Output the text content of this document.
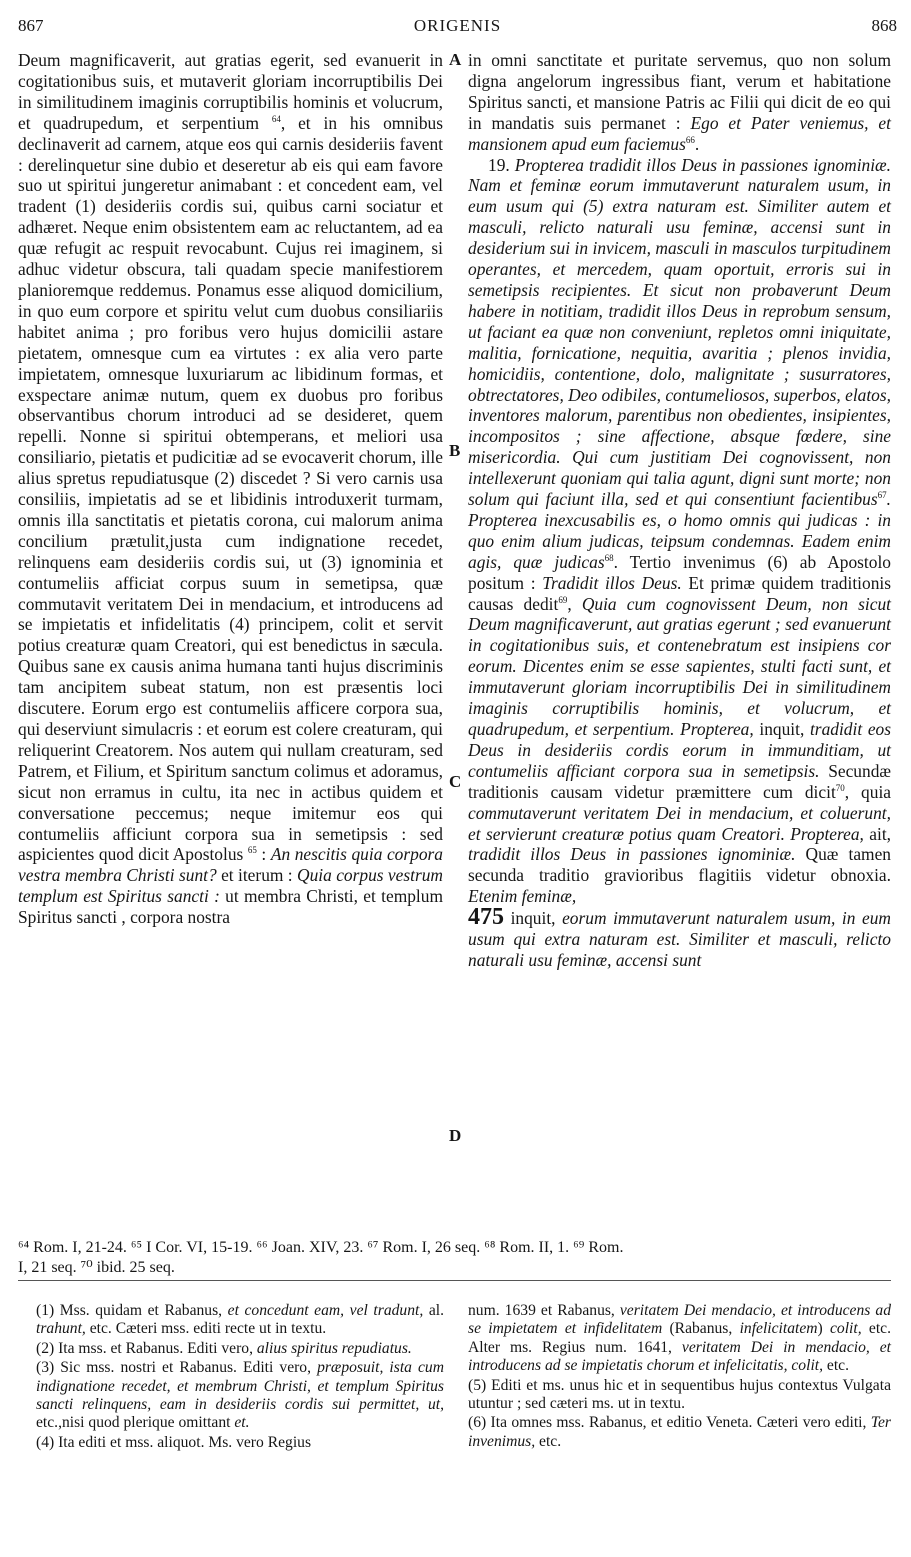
867	ORIGENIS	868
A
B
C
D

Deum magnificaverit, aut gratias egerit, sed evanuerit in cogitationibus suis, et mutaverit gloriam incorruptibilis Dei in similitudinem imaginis corruptibilis hominis et volucrum, et quadrupedum, et serpentium $^{64}$, et in his omnibus declinaverit ad carnem, atque eos qui carnis desideriis favent : derelinquetur sine dubio et deseretur ab eis qui eam favore suo ut spiritui jungeretur animabant : et concedent eam, vel tradent (1) desideriis cordis sui, quibus carni sociatur et adhæret. Neque enim obsistentem eam ac reluctantem, ad ea quæ refugit ac respuit revocabunt. Cujus rei imaginem, si adhuc videtur obscura, tali quadam specie manifestiorem planioremque reddemus. Ponamus esse aliquod domicilium, in quo eum corpore et spiritu velut cum duobus consiliariis habitet anima ; pro foribus vero hujus domicilii astare pietatem, omnesque cum ea virtutes : ex alia vero parte impietatem, omnesque luxuriarum ac libidinum formas, et exspectare animæ nutum, quem ex duobus pro foribus observantibus chorum introduci ad se desideret, quem repelli. Nonne si spiritui obtemperans, et meliori usa consiliario, pietatis et pudicitiæ ad se evocaverit chorum, ille alius spretus repudiatusque (2) discedet ? Si vero carnis usa consiliis, impietatis ad se et libidinis introduxerit turmam, omnis illa sanctitatis et pietatis corona, cui malorum anima concilium prætulit,justa cum indignatione recedet, relinquens eam desideriis cordis sui, ut (3) ignominia et contumeliis afficiat corpus suum in semetipsa, quæ commutavit veritatem Dei in mendacium, et introducens ad se impietatis et infidelitatis (4) principem, colit et servit potius creaturæ quam Creatori, qui est benedictus in sæcula. Quibus sane ex causis anima humana tanti hujus discriminis tam ancipitem subeat statum, non est præsentis loci discutere. Eorum ergo est contumeliis afficere corpora sua, qui deserviunt simulacris : et eorum est colere creaturam, qui reliquerint Creatorem. Nos autem qui nullam creaturam, sed Patrem, et Filium, et Spiritum sanctum colimus et adoramus, sicut non erramus in cultu, ita nec in actibus quidem et conversatione peccemus; neque imitemur eos qui contumeliis afficiunt corpora sua in semetipsis : sed aspicientes quod dicit Apostolus $^{65}$ : An nescitis quia corpora vestra membra Christi sunt? et iterum : Quia corpus vestrum templum est Spiritus sancti : ut membra Christi, et templum Spiritus sancti , corpora nostra

in omni sanctitate et puritate servemus, quo non solum digna angelorum ingressibus fiant, verum et habitatione Spiritus sancti, et mansione Patris ac Filii qui dicit de eo qui in mandatis suis permanet : Ego et Pater veniemus, et mansionem apud eum faciemus$^{66}$.

19. Propterea tradidit illos Deus in passiones ignominiæ. Nam et feminæ eorum immutaverunt naturalem usum, in eum usum qui (5) extra naturam est. Similiter autem et masculi, relicto naturali usu feminæ, accensi sunt in desiderium sui in invicem, masculi in masculos turpitudinem operantes, et mercedem, quam oportuit, erroris sui in semetipsis recipientes. Et sicut non probaverunt Deum habere in notitiam, tradidit illos Deus in reprobum sensum, ut faciant ea quæ non conveniunt, repletos omni iniquitate, malitia, fornicatione, nequitia, avaritia ; plenos invidia, homicidiis, contentione, dolo, malignitate ; susurratores, obtrectatores, Deo odibiles, contumeliosos, superbos, elatos, inventores malorum, parentibus non obedientes, insipientes, incompositos ; sine affectione, absque fœdere, sine misericordia. Qui cum justitiam Dei cognovissent, non intellexerunt quoniam qui talia agunt, digni sunt morte; non solum qui faciunt illa, sed et qui consentiunt facientibus$^{67}$. Propterea inexcusabilis es, o homo omnis qui judicas : in quo enim alium judicas, teipsum condemnas. Eadem enim agis, quæ judicas$^{68}$. Tertio invenimus (6) ab Apostolo positum : Tradidit illos Deus. Et primæ quidem traditionis causas dedit$^{69}$, Quia cum cognovissent Deum, non sicut Deum magnificaverunt, aut gratias egerunt ; sed evanuerunt in cogitationibus suis, et contenebratum est insipiens cor eorum. Dicentes enim se esse sapientes, stulti facti sunt, et immutaverunt gloriam incorruptibilis Dei in similitudinem imaginis corruptibilis hominis, et volucrum, et quadrupedum, et serpentium. Propterea, inquit, tradidit eos Deus in desideriis cordis eorum in immunditiam, ut contumeliis afficiant corpora sua in semetipsis. Secundæ traditionis causam videtur præmittere cum dicit$^{70}$, quia commutaverunt veritatem Dei in mendacium, et coluerunt, et servierunt creaturæ potius quam Creatori. Propterea, ait, tradidit illos Deus in passiones ignominiæ. Quæ tamen secunda traditio gravioribus flagitiis videtur obnoxia. Etenim feminæ,
475 inquit, eorum immutaverunt naturalem usum, in eum usum qui extra naturam est. Similiter et masculi, relicto naturali usu feminæ, accensi sunt

⁶⁴ Rom. I, 21-24. ⁶⁵ I Cor. VI, 15-19. ⁶⁶ Joan. XIV, 23. ⁶⁷ Rom. I, 26 seq. ⁶⁸ Rom. II, 1. ⁶⁹ Rom.
I, 21 seq. ⁷⁰ ibid. 25 seq.

(1) Mss. quidam et Rabanus, et concedunt eam, vel tradunt, al. trahunt, etc. Cæteri mss. editi recte ut in textu.

(2) Ita mss. et Rabanus. Editi vero, alius spiritus repudiatus.

(3) Sic mss. nostri et Rabanus. Editi vero, præposuit, ista cum indignatione recedet, et membrum Christi, et templum Spiritus sancti relinquens, eam in desideriis cordis sui permittet, ut, etc.,nisi quod plerique omittant et.

(4) Ita editi et mss. aliquot. Ms. vero Regius

num. 1639 et Rabanus, veritatem Dei mendacio, et introducens ad se impietatem et infidelitatem (Rabanus, infelicitatem) colit, etc. Alter ms. Regius num. 1641, veritatem Dei in mendacio, et introducens ad se impietatis chorum et infelicitatis, colit, etc.

(5) Editi et ms. unus hic et in sequentibus hujus contextus Vulgata utuntur ; sed cæteri ms. ut in textu.

(6) Ita omnes mss. Rabanus, et editio Veneta. Cæteri vero editi, Ter invenimus, etc.
